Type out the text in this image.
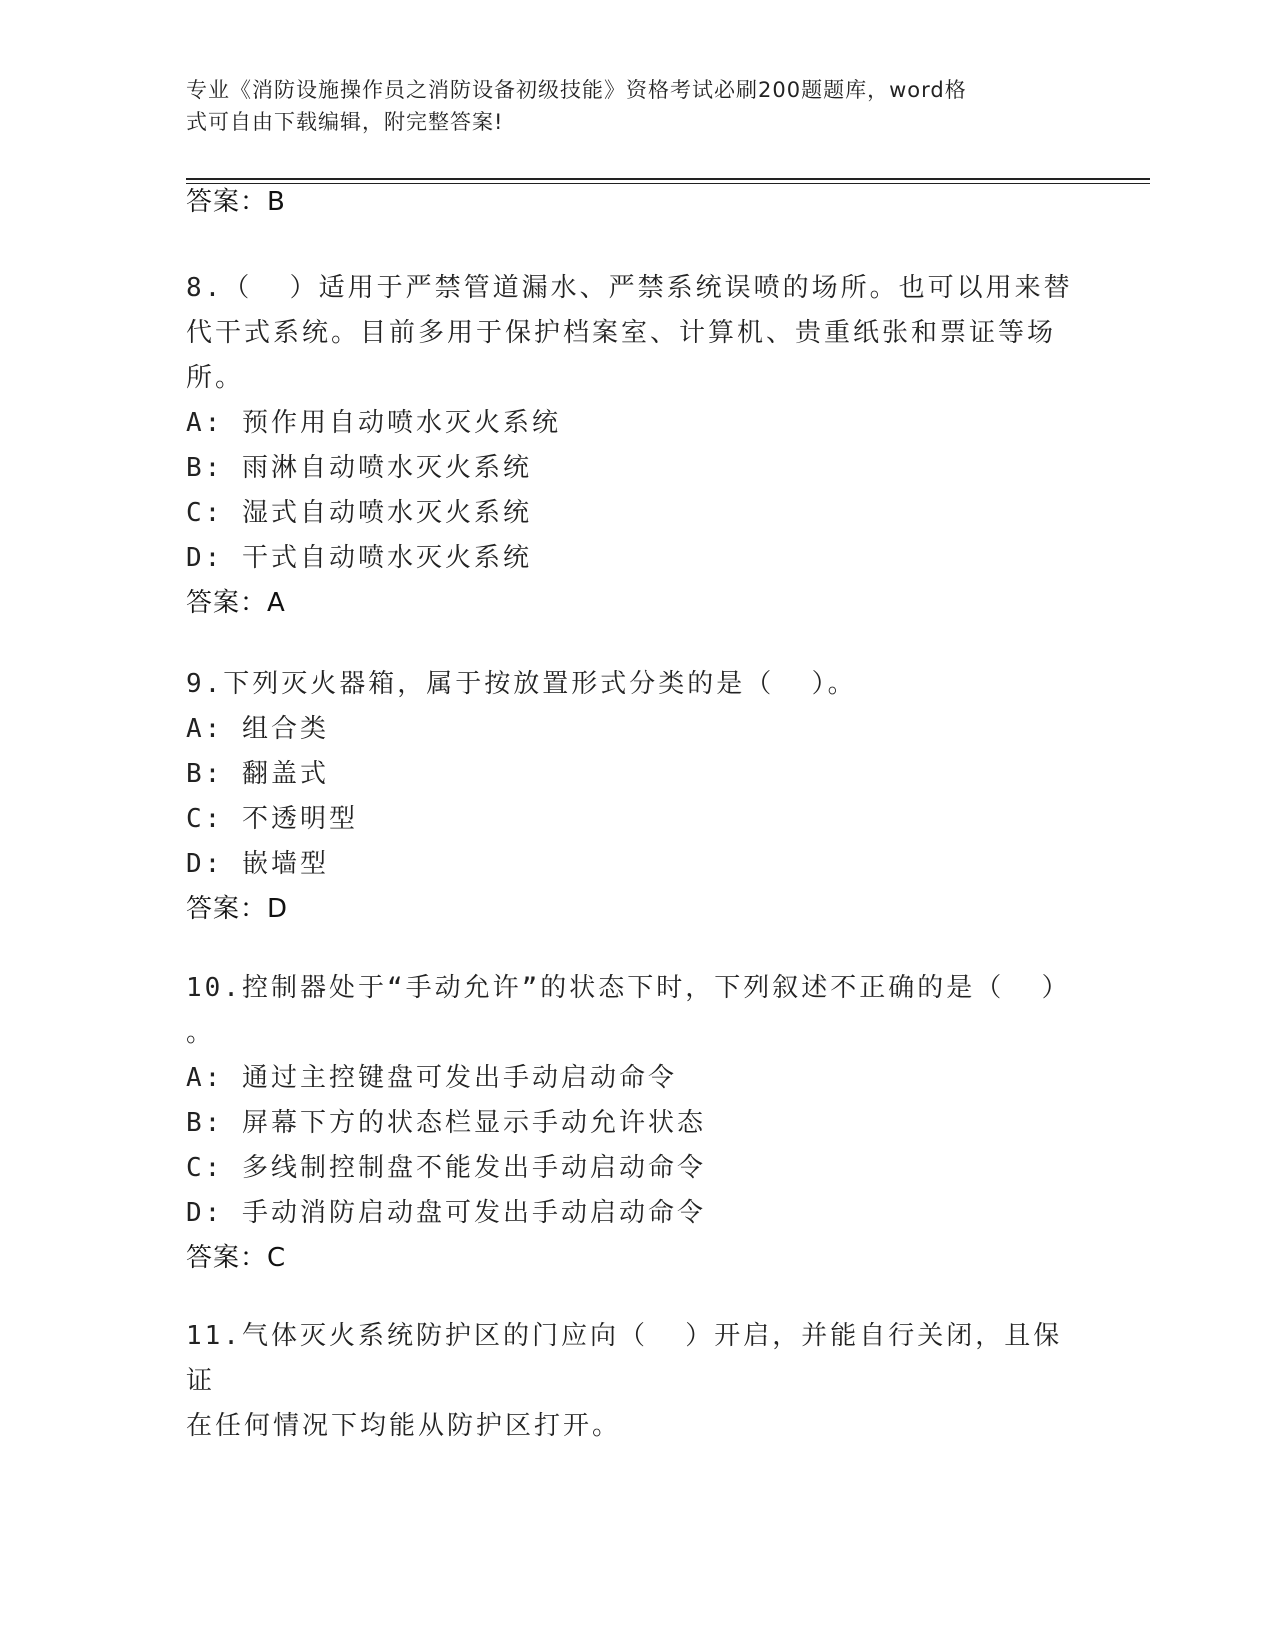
专业《消防设施操作员之消防设备初级技能》资格考试必刷200题题库，word格
式可自由下载编辑，附完整答案!
答案：B
8.（  ）适用于严禁管道漏水、严禁系统误喷的场所。也可以用来替
代干式系统。目前多用于保护档案室、计算机、贵重纸张和票证等场
所。
A: 预作用自动喷水灭火系统
B: 雨淋自动喷水灭火系统
C: 湿式自动喷水灭火系统
D: 干式自动喷水灭火系统
答案：A
9.下列灭火器箱，属于按放置形式分类的是（  ）。
A: 组合类
B: 翻盖式
C: 不透明型
D: 嵌墙型
答案：D
10.控制器处于“手动允许”的状态下时，下列叙述不正确的是（  ）
。
A: 通过主控键盘可发出手动启动命令
B: 屏幕下方的状态栏显示手动允许状态
C: 多线制控制盘不能发出手动启动命令
D: 手动消防启动盘可发出手动启动命令
答案：C
11.气体灭火系统防护区的门应向（  ）开启，并能自行关闭，且保证
在任何情况下均能从防护区打开。
